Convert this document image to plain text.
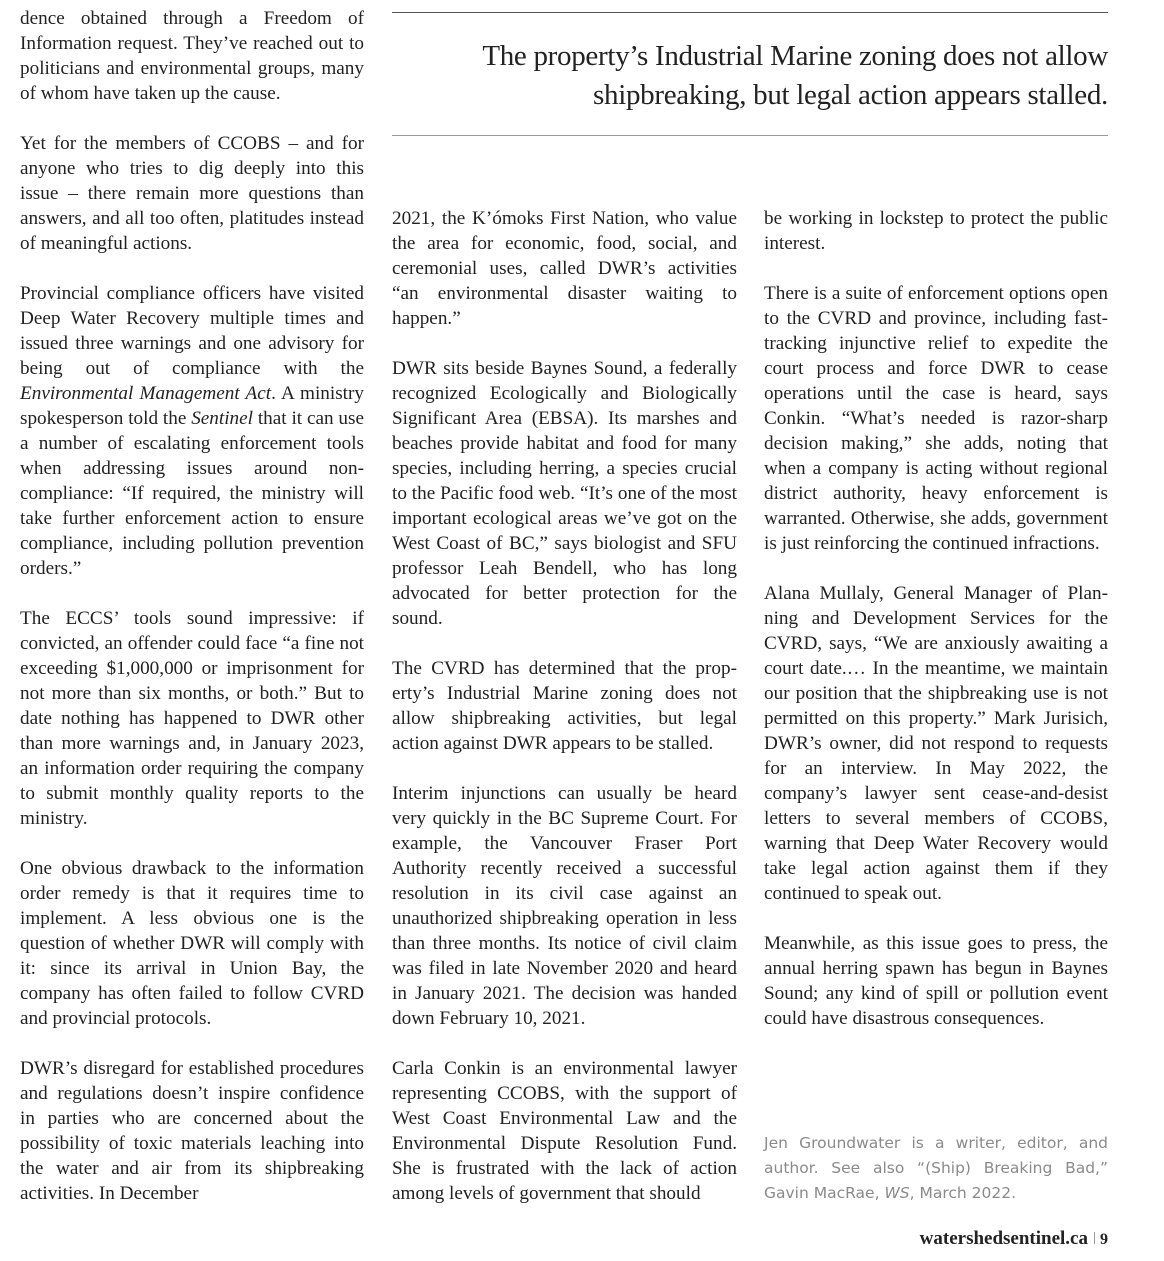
The property’s Industrial Marine zoning does not allow
shipbreaking, but legal action appears stalled.

dence obtained through a Freedom of Information request. They’ve reached out to politicians and environmental groups, many of whom have taken up the cause.

Yet for the members of CCOBS – and for anyone who tries to dig deeply into this issue – there remain more questions than answers, and all too often, platitudes instead of meaningful actions.

Provincial compliance officers have visited Deep Water Recovery multiple times and issued three warnings and one advisory for being out of compliance with the Environmental Management Act. A ministry spokesperson told the Sentinel that it can use a number of escalating enforcement tools when addressing issues around non-compliance: “If required, the ministry will take further enforcement action to ensure compliance, including pollution prevention orders.”

The ECCS’ tools sound impressive: if convicted, an offender could face “a fine not exceeding $1,000,000 or imprisonment for not more than six months, or both.” But to date nothing has happened to DWR other than more warnings and, in January 2023, an information order requiring the company to submit monthly quality reports to the ministry.

One obvious drawback to the information order remedy is that it requires time to implement. A less obvious one is the question of whether DWR will comply with it: since its arrival in Union Bay, the company has often failed to follow CVRD and provincial protocols.

DWR’s disregard for established procedures and regulations doesn’t inspire confidence in parties who are concerned about the possibility of toxic materials leaching into the water and air from its shipbreaking activities. In December

2021, the K’ómoks First Nation, who value the area for economic, food, social, and ceremonial uses, called DWR’s activities “an environmental disaster waiting to happen.”

DWR sits beside Baynes Sound, a federally recognized Ecologically and Biologically Significant Area (EBSA). Its marshes and beaches provide habitat and food for many species, including herring, a species crucial to the Pacific food web. “It’s one of the most important ecological areas we’ve got on the West Coast of BC,” says biologist and SFU professor Leah Bendell, who has long advocated for better protection for the sound.

The CVRD has determined that the property’s Industrial Marine zoning does not allow shipbreaking activities, but legal action against DWR appears to be stalled.

Interim injunctions can usually be heard very quickly in the BC Supreme Court. For example, the Vancouver Fraser Port Authority recently received a successful resolution in its civil case against an unauthorized shipbreaking operation in less than three months. Its notice of civil claim was filed in late November 2020 and heard in January 2021. The decision was handed down February 10, 2021.

Carla Conkin is an environmental lawyer representing CCOBS, with the support of West Coast Environmental Law and the Environmental Dispute Resolution Fund. She is frustrated with the lack of action among levels of government that should

be working in lockstep to protect the public interest.

There is a suite of enforcement options open to the CVRD and province, including fast-tracking injunctive relief to expedite the court process and force DWR to cease operations until the case is heard, says Conkin. “What’s needed is razor-sharp decision making,” she adds, noting that when a company is acting without regional district authority, heavy enforcement is warranted. Otherwise, she adds, government is just reinforcing the continued infractions.

Alana Mullaly, General Manager of Planning and Development Services for the CVRD, says, “We are anxiously awaiting a court date.… In the meantime, we maintain our position that the shipbreaking use is not permitted on this property.” Mark Jurisich, DWR’s owner, did not respond to requests for an interview. In May 2022, the company’s lawyer sent cease-and-desist letters to several members of CCOBS, warning that Deep Water Recovery would take legal action against them if they continued to speak out.

Meanwhile, as this issue goes to press, the annual herring spawn has begun in Baynes Sound; any kind of spill or pollution event could have disastrous consequences.

Jen Groundwater is a writer, editor, and author. See also “(Ship) Breaking Bad,” Gavin MacRae, WS, March 2022.
watershedsentinel.ca 9
